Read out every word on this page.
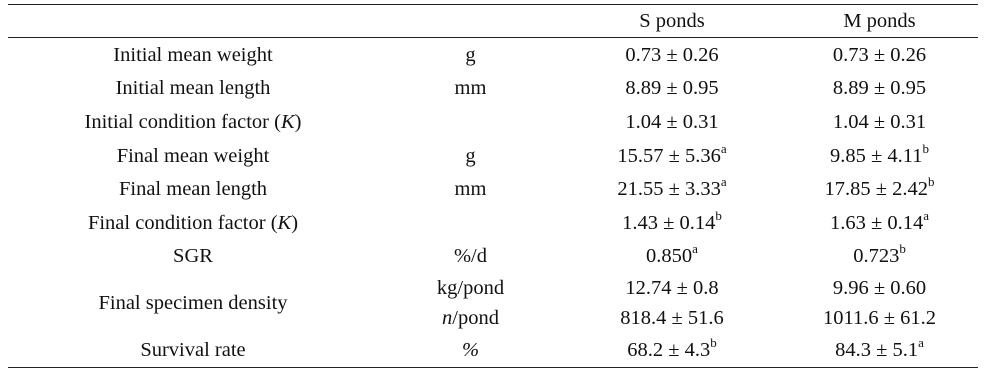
		S ponds	M ponds
Initial mean weight	g	0.73 ± 0.26	0.73 ± 0.26
Initial mean length	mm	8.89 ± 0.95	8.89 ± 0.95
Initial condition factor (K)		1.04 ± 0.31	1.04 ± 0.31
Final mean weight	g	15.57 ± 5.36$^a$	9.85 ± 4.11$^b$
Final mean length	mm	21.55 ± 3.33$^a$	17.85 ± 2.42$^b$
Final condition factor (K)		1.43 ± 0.14$^b$	1.63 ± 0.14$^a$
SGR	%/d	0.850$^a$	0.723$^b$
Final specimen density	kg/pond	12.74 ± 0.8	9.96 ± 0.60
	n/pond	818.4 ± 51.6	1011.6 ± 61.2
Survival rate	%	68.2 ± 4.3$^b$	84.3 ± 5.1$^a$
